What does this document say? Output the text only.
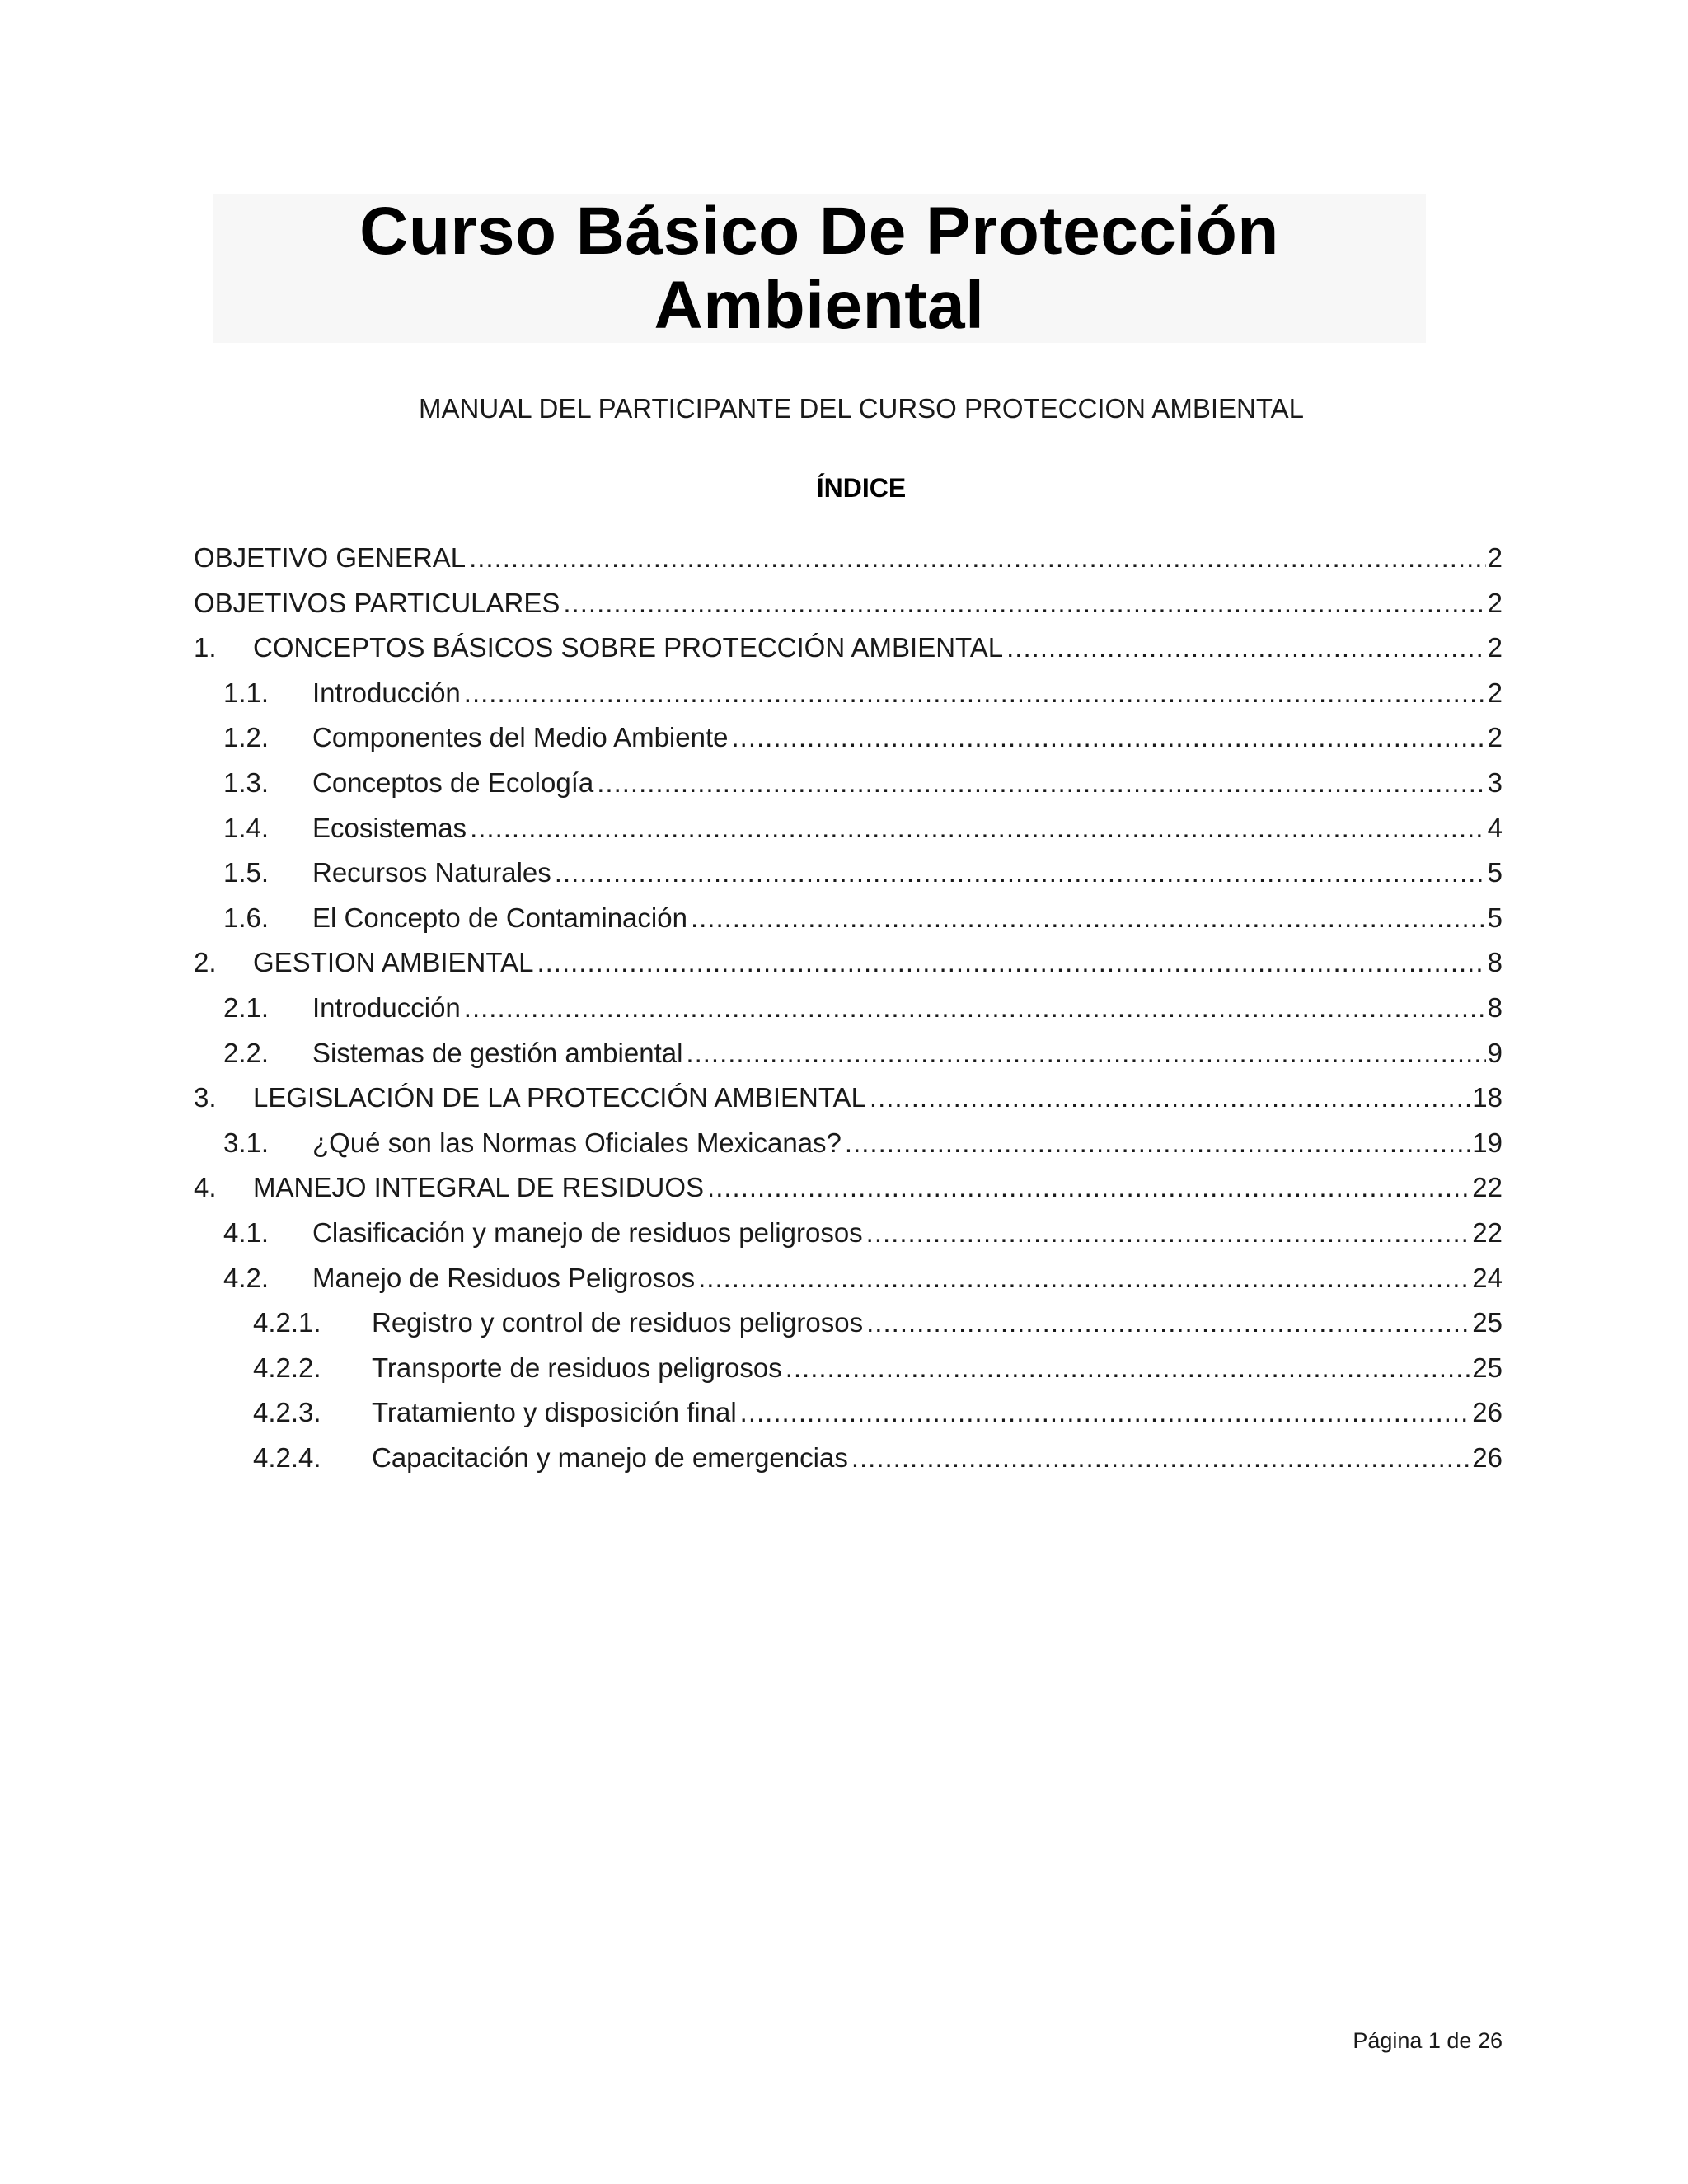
Curso Básico De Protección
Ambiental
MANUAL DEL PARTICIPANTE DEL CURSO PROTECCION AMBIENTAL
ÍNDICE
OBJETIVO GENERAL .....	2
OBJETIVOS PARTICULARES .....	2
1.	CONCEPTOS BÁSICOS SOBRE PROTECCIÓN AMBIENTAL .....	2
1.1.	Introducción .....	2
1.2.	Componentes del Medio Ambiente .....	2
1.3.	Conceptos de Ecología .....	3
1.4.	Ecosistemas .....	4
1.5.	Recursos Naturales .....	5
1.6.	El Concepto de Contaminación .....	5
2.	GESTION AMBIENTAL .....	8
2.1.	Introducción .....	8
2.2.	Sistemas de gestión ambiental .....	9
3.	LEGISLACIÓN DE LA PROTECCIÓN AMBIENTAL .....	18
3.1.	¿Qué son las Normas Oficiales Mexicanas? .....	19
4.	MANEJO INTEGRAL DE RESIDUOS .....	22
4.1.	Clasificación y manejo de residuos peligrosos .....	22
4.2.	Manejo de Residuos Peligrosos .....	24
4.2.1.	Registro y control de residuos peligrosos .....	25
4.2.2.	Transporte de residuos peligrosos .....	25
4.2.3.	Tratamiento y disposición final .....	26
4.2.4.	Capacitación y manejo de emergencias .....	26
Página 1 de 26
